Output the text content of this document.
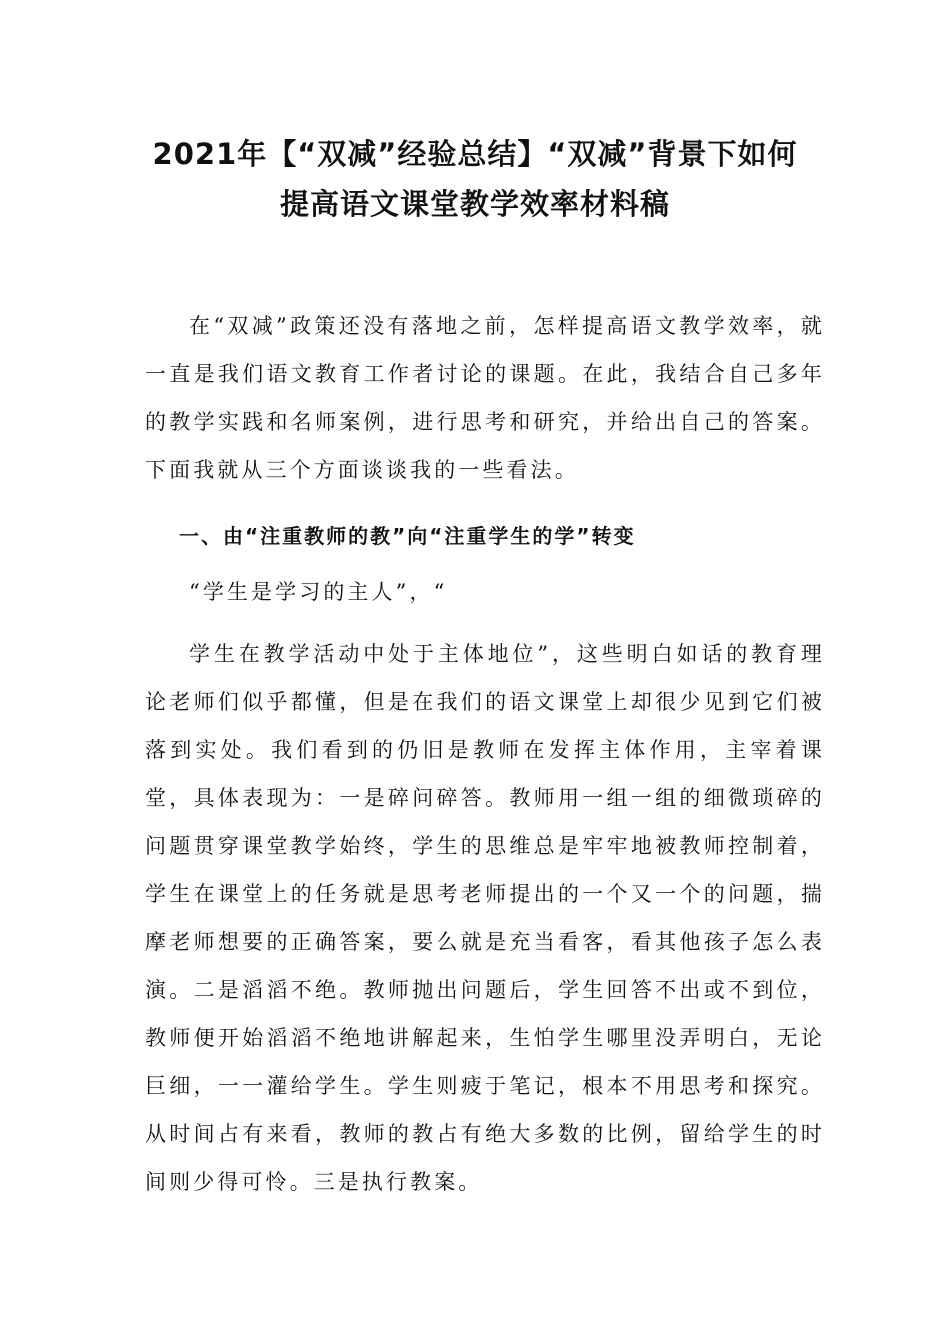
2021年【“双减”经验总结】“双减”背景下如何
提高语文课堂教学效率材料稿

在“双减”政策还没有落地之前，怎样提高语文教学效率，就一直是我们语文教育工作者讨论的课题。在此，我结合自己多年的教学实践和名师案例，进行思考和研究，并给出自己的答案。下面我就从三个方面谈谈我的一些看法。

一、由“注重教师的教”向“注重学生的学”转变

“学生是学习的主人”，“

学生在教学活动中处于主体地位”，这些明白如话的教育理论老师们似乎都懂，但是在我们的语文课堂上却很少见到它们被落到实处。我们看到的仍旧是教师在发挥主体作用，主宰着课堂，具体表现为：一是碎问碎答。教师用一组一组的细微琐碎的问题贯穿课堂教学始终，学生的思维总是牢牢地被教师控制着，学生在课堂上的任务就是思考老师提出的一个又一个的问题，揣摩老师想要的正确答案，要么就是充当看客，看其他孩子怎么表演。二是滔滔不绝。教师抛出问题后，学生回答不出或不到位，教师便开始滔滔不绝地讲解起来，生怕学生哪里没弄明白，无论巨细，一一灌给学生。学生则疲于笔记，根本不用思考和探究。从时间占有来看，教师的教占有绝大多数的比例，留给学生的时间则少得可怜。三是执行教案。
